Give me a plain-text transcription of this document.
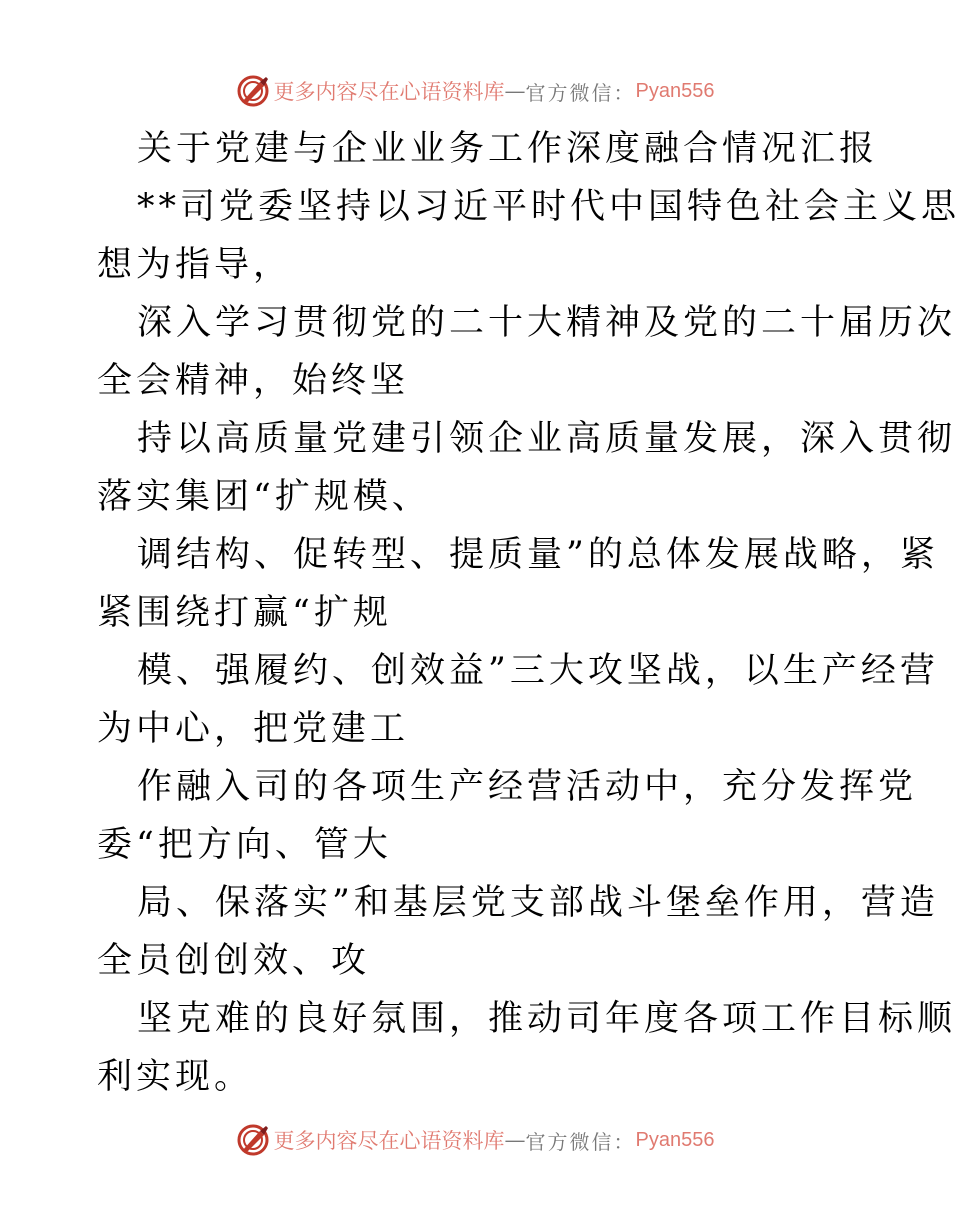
更多内容尽在心语资料库 — 官方微信： Pyan556
关于党建与企业业务工作深度融合情况汇报
**司党委坚持以习近平时代中国特色社会主义思
想为指导，
深入学习贯彻党的二十大精神及党的二十届历次
全会精神，始终坚
持以高质量党建引领企业高质量发展，深入贯彻
落实集团“扩规模、
调结构、促转型、提质量”的总体发展战略，紧
紧围绕打赢“扩规
模、强履约、创效益”三大攻坚战，以生产经营
为中心，把党建工
作融入司的各项生产经营活动中，充分发挥党
委“把方向、管大
局、保落实”和基层党支部战斗堡垒作用，营造
全员创创效、攻
坚克难的良好氛围，推动司年度各项工作目标顺
利实现。
更多内容尽在心语资料库 — 官方微信： Pyan556
